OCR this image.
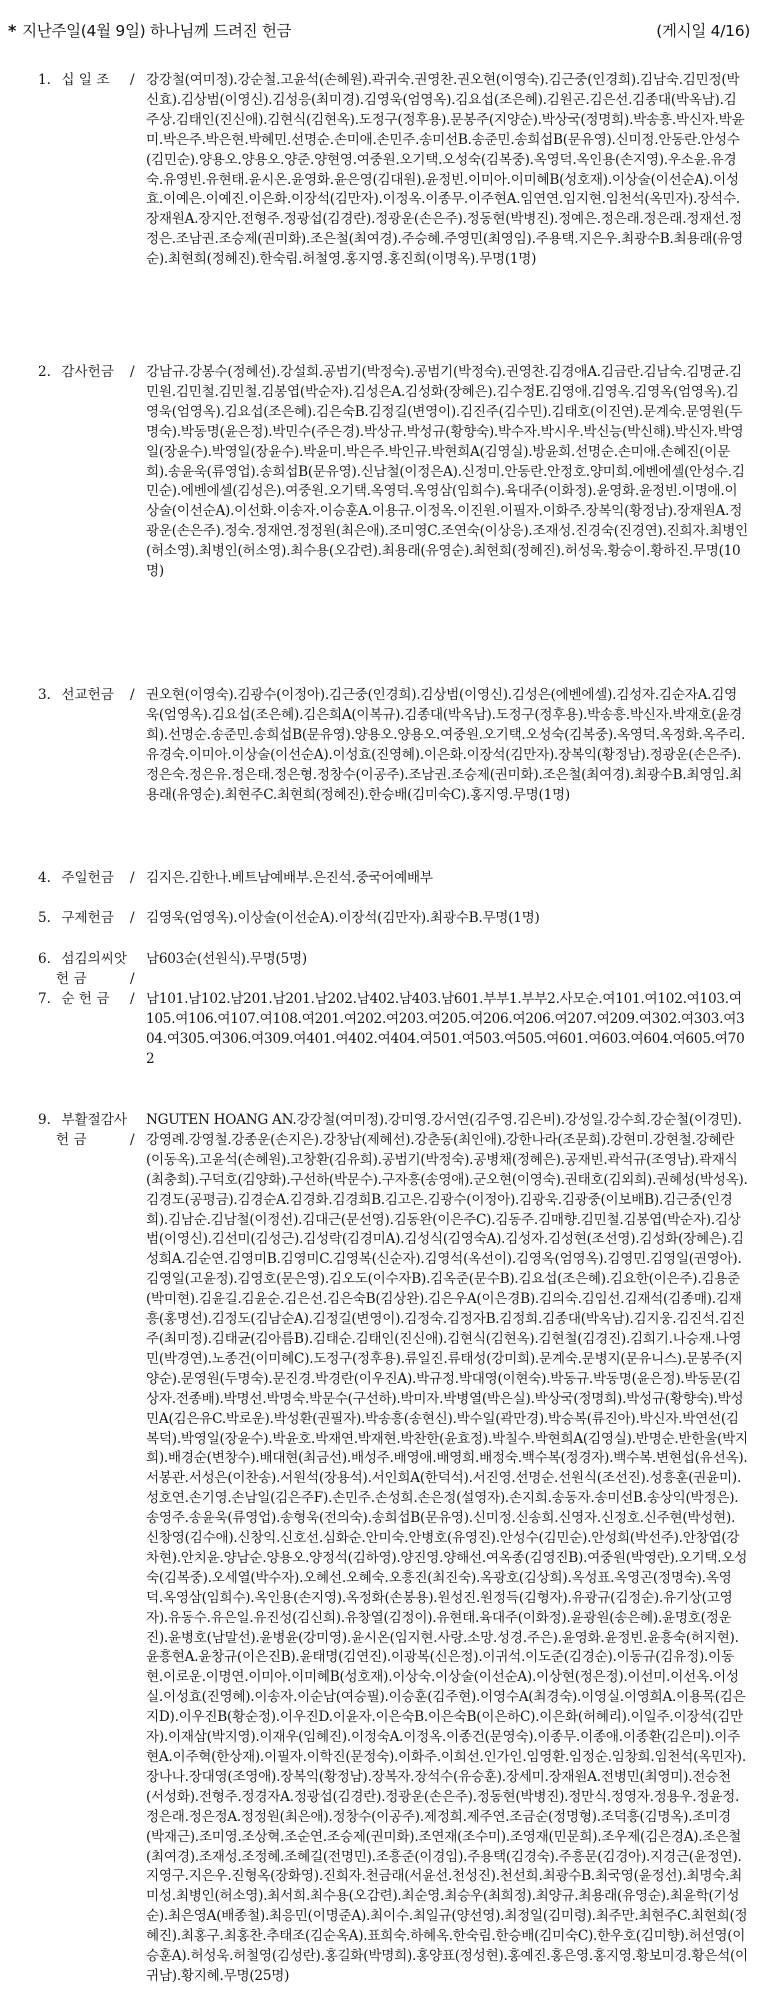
* 지난주일(4월 9일) 하나님께 드려진 헌금	(게시일 4/16)
1. 십 일 조	/ 강강철(여미정).강순철.고윤석(손혜원).곽귀숙.권영찬.권오현(이영숙).김근중(인경희).김남숙.김민정(박신효).김상범(이영신).김성응(최미경).김영욱(엄영옥).김요섭(조은혜).김원곤.김은선.김종대(박옥남).김주상.김태인(진신애).김현식(김현옥).도정구(정후용).문봉주(지양순).박상국(정명희).박송흥.박신자.박윤미.박은주.박은현.박혜민.선명순.손미애.손민주.송미선B.송준민.송희섭B(문유영).신미정.안동란.안성수(김민순).양용오.양용오.양준.양현영.여중원.오기택.오성숙(김복중).옥영덕.옥인용(손지영).우소윤.유경숙.유영빈.유현태.윤시온.윤영화.윤은영(김대원).윤정빈.이미아.이미혜B(성호재).이상술(이선순A).이성효.이예은.이예진.이은화.이장석(김만자).이정옥.이종무.이주현A.임연연.임지현.임천석(옥민자).장석수.장재원A.장지안.전형주.정광섭(김경란).정광운(손은주).정동현(박병진).정예은.정은래.정은래.정재선.정정은.조남권.조승제(권미화).조은철(최여경).주승혜.주영민(최영임).주용택.지은우.최광수B.최용래(유영순).최현희(정혜진).한숙림.허철영.홍지영.홍진희(이명옥).무명(1명)
2. 감사헌금	/ 강남규.강봉수(정혜선).강설희.공범기(박정숙).공범기(박정숙).권영찬.김경애A.김금란.김남숙.김명균.김민원.김민철.김민철.김봉엽(박순자).김성은A.김성화(장혜은).김수정E.김영애.김영옥.김영옥(엄영옥).김영욱(엄영옥).김요섭(조은혜).김은숙B.김정길(변영이).김진주(김수민).김태호(이진연).문계숙.문영원(두명숙).박동명(윤은정).박민수(주은경).박상규.박성규(황향숙).박수자.박시우.박신능(박신해).박신자.박영일(장윤수).박영일(장윤수).박윤미.박은주.박인규.박현희A(김영실).방윤희.선명순.손미애.손혜진(이문희).송윤욱(류영업).송희섭B(문유영).신남철(이정은A).신정미.안동란.안정호.양미희.에벤에셀(안성수.김민순).에벤에셀(김성은).여중원.오기택.옥영덕.옥영삼(임희수).육대주(이화정).윤영화.윤정빈.이명애.이상술(이선순A).이선화.이송자.이승훈A.이용규.이정옥.이진원.이필자.이화주.장복익(황정남).장재원A.정광운(손은주).정숙.정재연.정정원(최은애).조미영C.조연숙(이상응).조재성.진경숙(진경연).진희자.최병인(허소영).최병인(허소영).최수용(오감련).최용래(유영순).최현희(정혜진).허성욱.황승이.황하진.무명(10명)
3. 선교헌금	/ 권오현(이영숙).김광수(이정아).김근중(인경희).김상범(이영신).김성은(에벤에셀).김성자.김순자A.김영욱(엄영옥).김요섭(조은혜).김은희A(이복규).김종대(박옥남).도정구(정후용).박송흥.박신자.박재호(윤경희).선명순.송준민.송희섭B(문유영).양용오.양용오.여중원.오기택.오성숙(김복중).옥영덕.옥정화.옥주리.유경숙.이미아.이상술(이선순A).이성효(진영혜).이은화.이장석(김만자).장복익(황정남).정광운(손은주).정은숙.정은유.정은태.정은형.정창수(이공주).조남권.조승제(권미화).조은철(최여경).최광수B.최영임.최용래(유영순).최현주C.최현희(정혜진).한승배(김미숙C).홍지영.무명(1명)
4. 주일헌금	/ 김지은.김한나.베트남예배부.은진석.중국어예배부
5. 구제헌금	/ 김영욱(엄영옥).이상술(이선순A).이장석(김만자).최광수B.무명(1명)
6. 섬김의씨앗
헌 금	/
남603순(선원식).무명(5명)
7. 순 헌 금	/ 남101.남102.남201.남201.남202.남402.남403.남601.부부1.부부2.사모순.여101.여102.여103.여105.여106.여107.여108.여201.여202.여203.여205.여206.여206.여207.여209.여302.여303.여304.여305.여306.여309.여401.여402.여404.여501.여503.여505.여601.여603.여604.여605.여702
9. 부활절감사
헌 금	/
NGUTEN HOANG AN.강강철(여미정).강미영.강서연(김주영.김은비).강성일.강수희.강순철(이경민).강영례.강영철.강종운(손지은).강창남(제혜선).강춘동(최인애).강한나라(조문희).강현미.강현철.강혜란(이동옥).고윤석(손혜원).고창환(김유희).공범기(박정숙).공병채(정혜은).공재빈.곽석규(조영남).곽재식(최충희).구덕호(김양화).구선하(박문수).구자흥(송영애).군오현(이영숙).권태호(김외희).권혜성(박성옥).김경도(공평금).김경순A.김경화.김경희B.김고은.김광수(이정아).김광욱.김광중(이보배B).김근중(인경희).김남순.김남철(이정선).김대근(문선영).김동완(이은주C).김동주.김매향.김민철.김봉엽(박순자).김상범(이영신).김선미(김성근).김성락(김경미A).김성식(김영숙A).김성자.김성현(조선영).김성화(장혜은).김성희A.김순연.김영미B.김영미C.김영복(신순자).김영석(옥선이).김영옥(엄영옥).김영민.김영일(권영아).김영일(고윤정).김영호(문은영).김오도(이수자B).김옥준(문수B).김요섭(조은혜).김요한(이은주).김용준(박미현).김윤길.김윤순.김은선.김은숙B(김상완).김은우A(이은경B).김의숙.김임선.김재석(김종매).김재흥(홍명선).김정도(김남순A).김정길(변영이).김정숙.김정자B.김정희.김종대(박옥남).김지웅.김진석.김진주(최미정).김태균(김아름B).김태순.김태인(진신애).김현식(김현옥).김현철(김경진).김희기.나승재.나영민(박경연).노종건(이미혜C).도정구(정후용).류일진.류태성(강미희).문계숙.문병지(문유니스).문봉주(지양순).문영원(두명숙).문진경.박경란(이우진A).박규정.박대영(이현숙).박동규.박동명(윤은정).박동문(김상자.전종배).박명선.박명숙.박문수(구선하).박미자.박병열(박은실).박상국(정명희).박성규(황향숙).박성민A(김은유C.박로운).박성환(권필자).박송흥(송현신).박수일(곽만경).박승복(류진아).박신자.박연선(김복덕).박영일(장윤수).박윤호.박재연.박재현.박찬한(윤효정).박칠수.박현희A(김영실).반명순.반한울(박지희).배경순(변창수).배대현(최금선).배성주.배영애.배영희.배정숙.백수복(정경자).백수복.변현섭(유선옥).서봉관.서성은(이찬송).서원석(장용석).서인희A(한덕석).서진영.선명순.선원식(조선진).성흥훈(권윤미).성호연.손기영.손남일(김은주F).손민주.손성희.손은정(설영자).손지희.송동자.송미선B.송상익(박정은).송영주.송윤욱(류영업).송형욱(전의숙).송희섭B(문유영).신미정.신송희.신영자.신정호.신주현(박성현).신창영(김수애).신창익.신호선.심화순.안미숙.안병호(유영진).안성수(김민순).안성희(박선주).안창엽(강차현).안치윤.양남순.양용오.양정석(김하영).양진영.양해선.여옥종(김영진B).여중원(박영란).오기택.오성숙(김복중).오세열(박수자).오혜선.오혜숙.오흥진(최진숙).옥광호(김상희).옥성표.옥영곤(정명숙).옥영덕.옥영삼(임희수).옥인용(손지영).옥정화(손봉용).원성진.원정득(김형자).유광규(김정순).유기상(고영자).유동수.유은일.유진성(김신희).유창열(김정이).유현태.육대주(이화정).윤광원(송은혜).윤명호(정운진).윤병호(남말선).윤병윤(강미영).윤시온(임지현.사랑.소망.성경.주은).윤영화.윤정빈.윤흥숙(허지현).윤흥현A.윤창규(이은진B).윤태명(김연진).이광복(신은정).이귀석.이도준(김경순).이동규(김유정).이동현.이로운.이명연.이미아.이미혜B(성호재).이상숙.이상술(이선순A).이상현(정은정).이선미.이선옥.이성실.이성효(진영혜).이송자.이순남(여승필).이승훈(김주현).이영수A(최경숙).이영실.이영희A.이용목(김은지D).이우진B(황순정).이우진D.이윤자.이은숙B.이은숙B(이은하C).이은화(허혜리).이일주.이장석(김만자).이재삼(박지영).이재우(임혜진).이정숙A.이정옥.이종건(문영숙).이종무.이종애.이종환(김은미).이주현A.이주혁(한상재).이필자.이학진(문정숙).이화주.이희선.인가인.임영환.임정순.임창희.임천석(옥민자).장나나.장대영(조영애).장복익(황정남).장복자.장석수(유승훈).장세미.장재원A.전병민(최영미).전승천(서성화).전형주.정경자A.정광섭(김경란).정광운(손은주).정동현(박병진).정만식.정영자.정용우.정윤정.정은래.정은정A.정정원(최은애).정창수(이공주).제정희.제주연.조금순(정명형).조덕흥(김명옥).조미경(박재근).조미영.조상혁.조순연.조승제(권미화).조연재(조수미).조영재(민문희).조우제(김은경A).조은철(최여경).조재성.조정혜.조혜길(전명민).조흥준(이경임).주용택(김경숙).주흥문(김경아).지경근(윤정연).지영구.지은우.진형옥(장화영).진희자.천금래(서윤선.천성진).천선희.최광수B.최국영(윤정선).최명숙.최미성.최병인(허소영).최서희.최수용(오감련).최순영.최승우(최희정).최양규.최용래(유영순).최윤학(기성순).최은영A(배종철).최응민(이명준A).최이수.최일규(양선영).최정일(김미령).최주만.최현주C.최현희(정혜진).최홍구.최홍찬.추태조(김순옥A).표희숙.하혜옥.한숙림.한승배(김미숙C).한우호(김미향).허선영(이승훈A).허성욱.허철영(김성란).홍길화(박명희).홍양표(정성현).홍예진.홍은영.홍지영.황보미경.황은석(이귀남).황지혜.무명(25명)
